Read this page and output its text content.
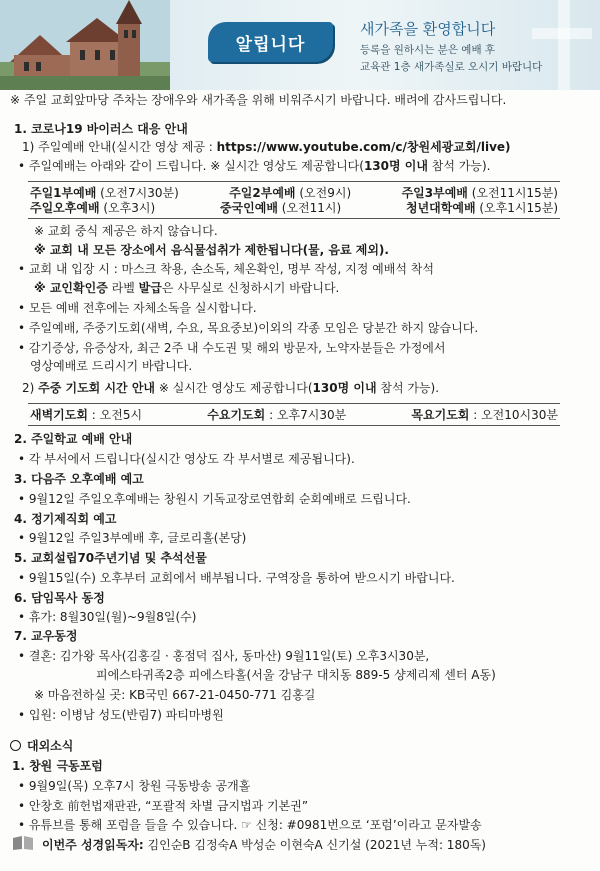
알립니다
새가족을 환영합니다
등록을 원하시는 분은 예배 후
교육관 1층 새가족실로 오시기 바랍니다
※ 주일 교회앞마당 주차는 장애우와 새가족을 위해 비워주시기 바랍니다. 배려에 감사드립니다.
1. 코로나19 바이러스 대응 안내
1) 주일예배 안내(실시간 영상 제공 : https://www.youtube.com/c/창원세광교회/live)
• 주일예배는 아래와 같이 드립니다. ※ 실시간 영상도 제공합니다(130명 이내 참석 가능).
주일1부예배 (오전7시30분)	주일2부예배 (오전9시)	주일3부예배 (오전11시15분)
주일오후예배 (오후3시)	중국인예배 (오전11시)	청년대학예배 (오후1시15분)
※ 교회 중식 제공은 하지 않습니다.
※ 교회 내 모든 장소에서 음식물섭취가 제한됩니다(물, 음료 제외).
• 교회 내 입장 시 : 마스크 착용, 손소독, 체온확인, 명부 작성, 지정 예배석 착석
※ 교인확인증 라벨 발급은 사무실로 신청하시기 바랍니다.
• 모든 예배 전후에는 자체소독을 실시합니다.
• 주일예배, 주중기도회(새벽, 수요, 목요중보)이외의 각종 모임은 당분간 하지 않습니다.
• 감기증상, 유증상자, 최근 2주 내 수도권 및 해외 방문자, 노약자분들은 가정에서
영상예배로 드리시기 바랍니다.
2) 주중 기도회 시간 안내 ※ 실시간 영상도 제공합니다(130명 이내 참석 가능).
새벽기도회 : 오전5시	수요기도회 : 오후7시30분	목요기도회 : 오전10시30분
2. 주일학교 예배 안내
• 각 부서에서 드립니다(실시간 영상도 각 부서별로 제공됩니다).
3. 다음주 오후예배 예고
• 9월12일 주일오후예배는 창원시 기독교장로연합회 순회예배로 드립니다.
4. 정기제직회 예고
• 9월12일 주일3부예배 후, 글로리홀(본당)
5. 교회설립70주년기념 및 추석선물
• 9월15일(수) 오후부터 교회에서 배부됩니다. 구역장을 통하여 받으시기 바랍니다.
6. 담임목사 동정
• 휴가: 8월30일(월)~9월8일(수)
7. 교우동정
• 결혼: 김가왕 목사(김홍길 · 홍점덕 집사, 동마산) 9월11일(토) 오후3시30분,
피에스타귀족2층 피에스타홀(서울 강남구 대치동 889-5 샹제리제 센터 A동)
※ 마음전하실 곳: KB국민 667-21-0450-771 김홍길
• 입원: 이병남 성도(반림7) 파티마병원
대외소식
1. 창원 극동포럼
• 9월9일(목) 오후7시 창원 극동방송 공개홀
• 안창호 前헌법재판관, “포괄적 차별 금지법과 기본권”
• 유튜브를 통해 포럼을 들을 수 있습니다. ☞ 신청: #0981번으로 ‘포럼’이라고 문자발송
이번주 성경읽독자: 김인순B 김정숙A 박성순 이현숙A 신기설 (2021년 누적: 180독)
